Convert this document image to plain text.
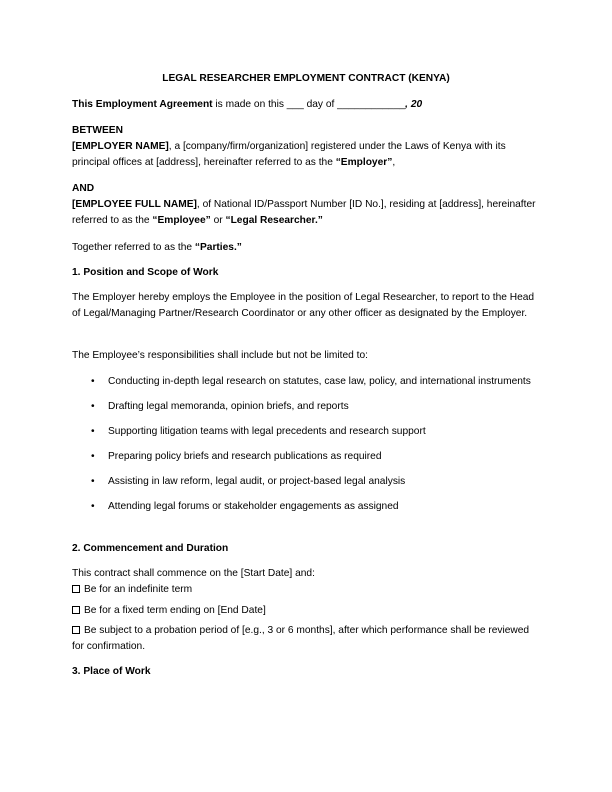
LEGAL RESEARCHER EMPLOYMENT CONTRACT (KENYA)

This Employment Agreement is made on this ___ day of ____________, 20

BETWEEN

[EMPLOYER NAME], a [company/firm/organization] registered under the Laws of Kenya with its principal offices at [address], hereinafter referred to as the “Employer”,

AND

[EMPLOYEE FULL NAME], of National ID/Passport Number [ID No.], residing at [address], hereinafter referred to as the “Employee” or “Legal Researcher.”

Together referred to as the “Parties.”

1. Position and Scope of Work

The Employer hereby employs the Employee in the position of Legal Researcher, to report to the Head of Legal/Managing Partner/Research Coordinator or any other officer as designated by the Employer.

The Employee’s responsibilities shall include but not be limited to:

• Conducting in-depth legal research on statutes, case law, policy, and international instruments
• Drafting legal memoranda, opinion briefs, and reports
• Supporting litigation teams with legal precedents and research support
• Preparing policy briefs and research publications as required
• Assisting in law reform, legal audit, or project-based legal analysis
• Attending legal forums or stakeholder engagements as assigned

2. Commencement and Duration

This contract shall commence on the [Start Date] and:

Be for an indefinite term

Be for a fixed term ending on [End Date]

Be subject to a probation period of [e.g., 3 or 6 months], after which performance shall be reviewed for confirmation.

3. Place of Work
